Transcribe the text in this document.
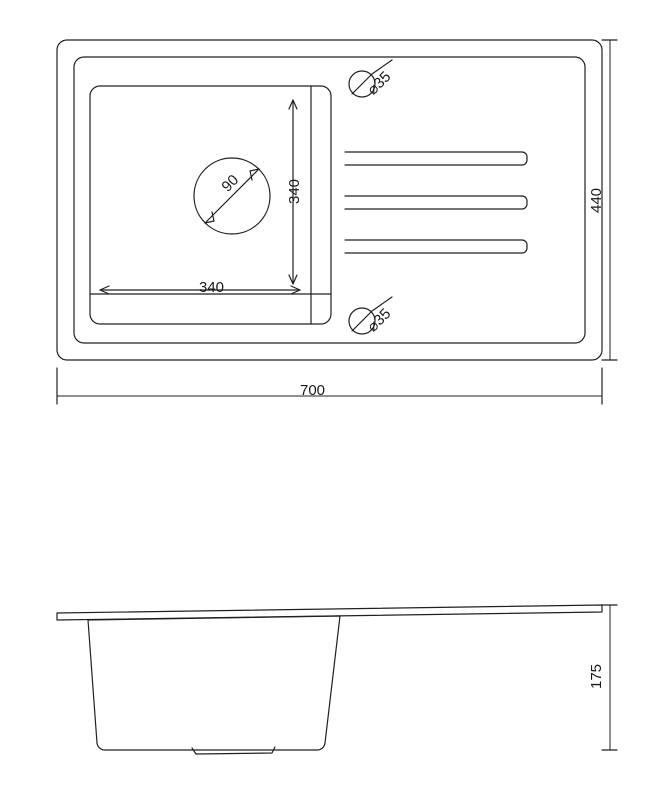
700
440
340
340
90
⌀35
⌀35
175
